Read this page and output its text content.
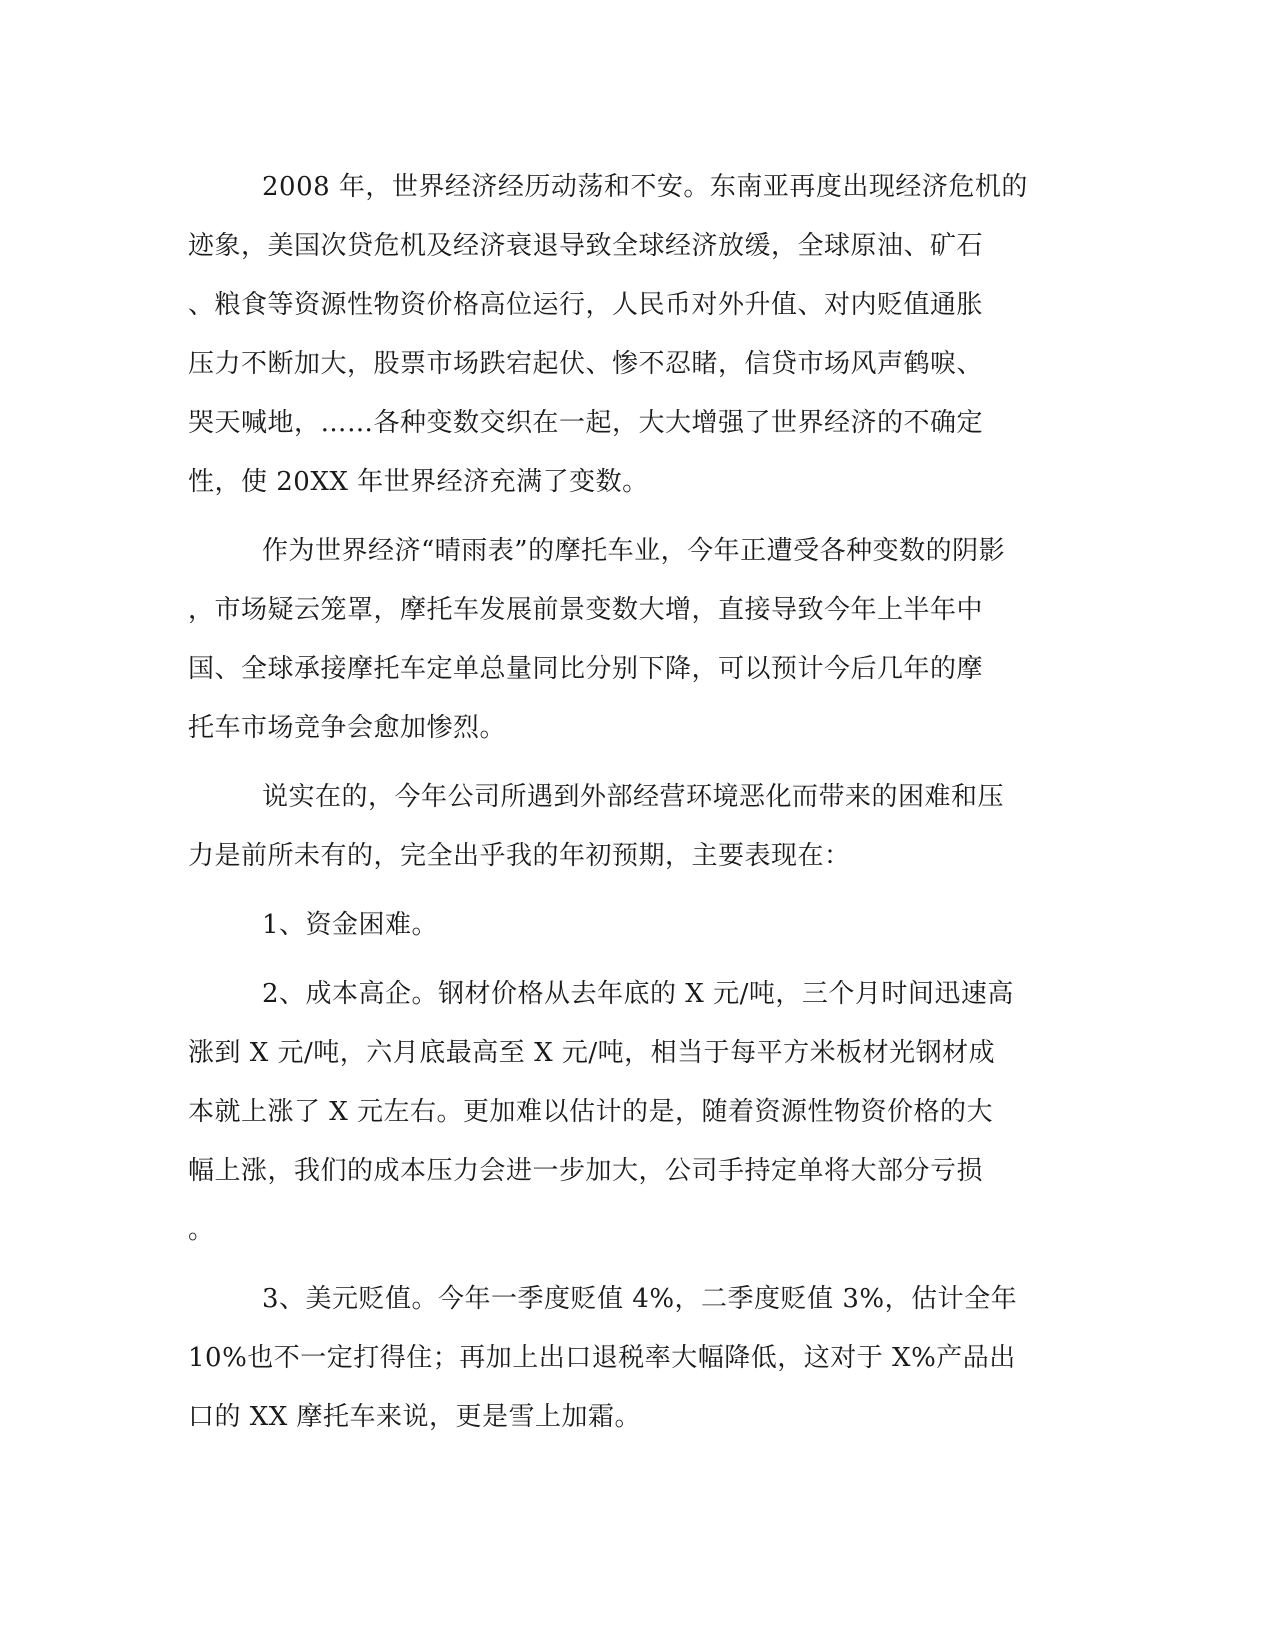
2008 年，世界经济经历动荡和不安。东南亚再度出现经济危机的
迹象，美国次贷危机及经济衰退导致全球经济放缓，全球原油、矿石
、粮食等资源性物资价格高位运行，人民币对外升值、对内贬值通胀
压力不断加大，股票市场跌宕起伏、惨不忍睹，信贷市场风声鹤唳、
哭天喊地，……各种变数交织在一起，大大增强了世界经济的不确定
性，使 20XX 年世界经济充满了变数。
作为世界经济“晴雨表”的摩托车业，今年正遭受各种变数的阴影
，市场疑云笼罩，摩托车发展前景变数大增，直接导致今年上半年中
国、全球承接摩托车定单总量同比分别下降，可以预计今后几年的摩
托车市场竞争会愈加惨烈。
说实在的，今年公司所遇到外部经营环境恶化而带来的困难和压
力是前所未有的，完全出乎我的年初预期，主要表现在：
1、资金困难。
2、成本高企。钢材价格从去年底的 X 元/吨，三个月时间迅速高
涨到 X 元/吨，六月底最高至 X 元/吨，相当于每平方米板材光钢材成
本就上涨了 X 元左右。更加难以估计的是，随着资源性物资价格的大
幅上涨，我们的成本压力会进一步加大，公司手持定单将大部分亏损
。
3、美元贬值。今年一季度贬值 4%，二季度贬值 3%，估计全年
10%也不一定打得住；再加上出口退税率大幅降低，这对于 X%产品出
口的 XX 摩托车来说，更是雪上加霜。
